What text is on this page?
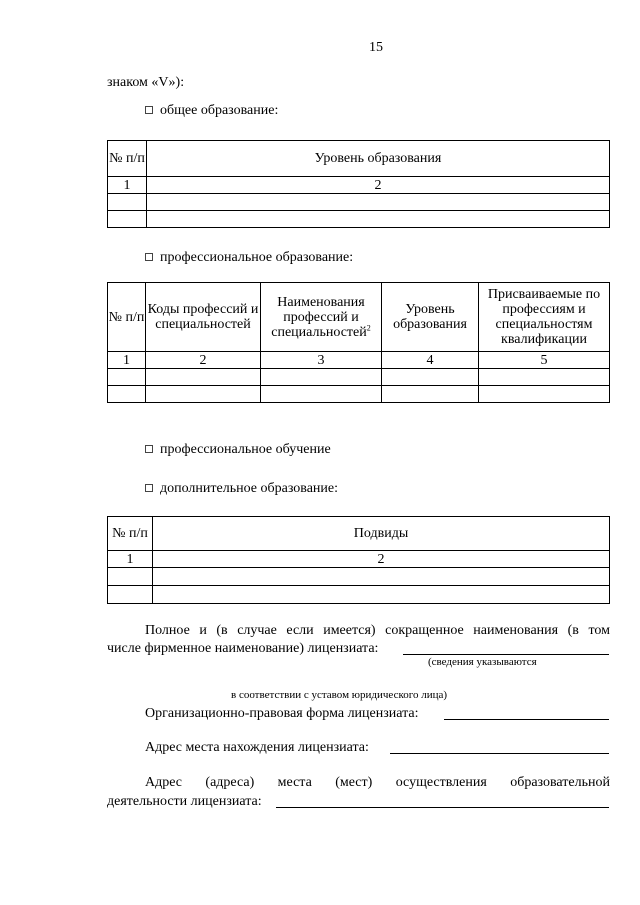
15
знаком «V»):
общее образование:
№ п/п	Уровень образования
1	2

профессиональное образование:
№ п/п	Коды профессий и специальностей	Наименования профессий и специальностей$^2$	Уровень образования	Присваиваемые по профессиям и специальностям квалификации
1	2	3	4	5

профессиональное обучение
дополнительное образование:
№ п/п	Подвиды
1	2

Полное и (в случае если имеется) сокращенное наименования (в том
числе фирменное наименование) лицензиата:
(сведения указываются
в соответствии с уставом юридического лица)
Организационно-правовая форма лицензиата:
Адрес места нахождения лицензиата:
Адрес (адреса) места (мест) осуществления образовательной
деятельности лицензиата:
